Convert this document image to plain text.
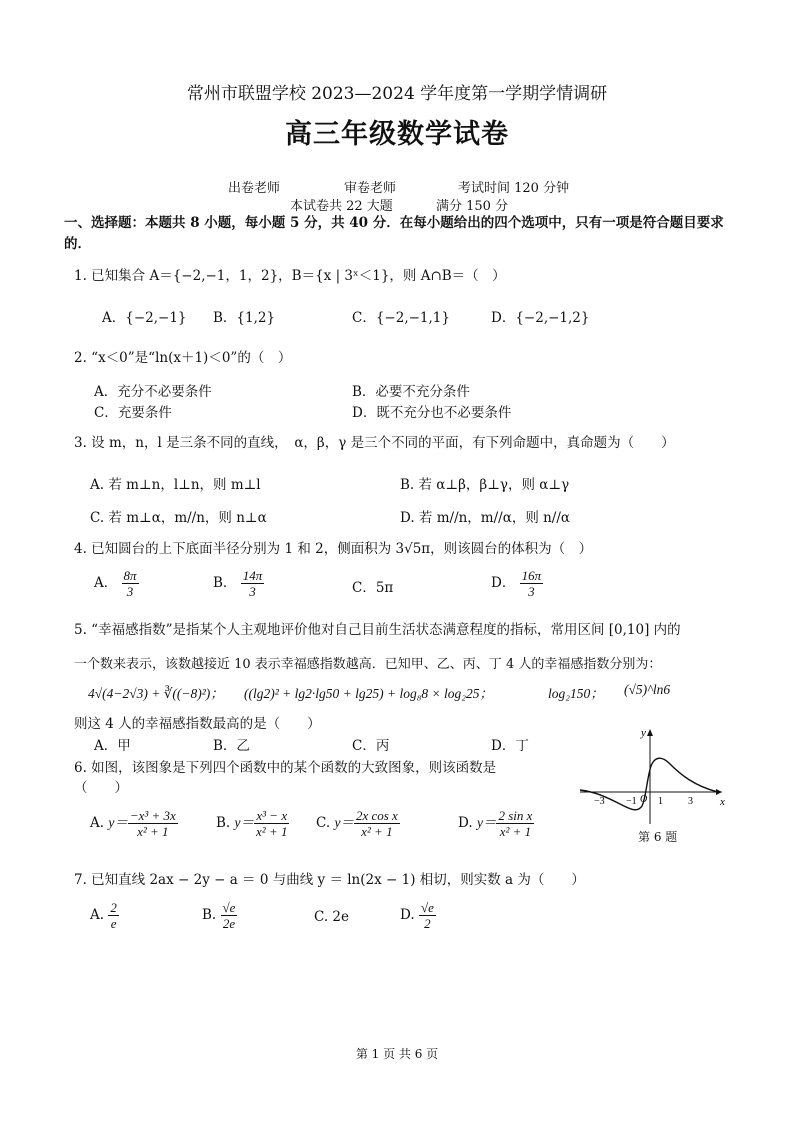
常州市联盟学校 2023—2024 学年度第一学期学情调研
高三年级数学试卷
出卷老师	审卷老师	考试时间 120 分钟
本试卷共 22 大题	满分 150 分
一、选择题：本题共 8 小题，每小题 5 分，共 40 分．在每小题给出的四个选项中，只有一项是符合题目要求的．
1. 已知集合 A＝{−2,−1，1，2}，B＝{x | 3ˣ＜1}，则 A∩B＝（　）
A．{−2,−1} B．{1,2}	C．{−2,−1,1}	D．{−2,−1,2}
2. “x＜0”是“ln(x＋1)＜0”的（　）
A．充分不必要条件	B．必要不充分条件
C．充要条件	D．既不充分也不必要条件
3. 设 m，n，l 是三条不同的直线，　α，β，γ 是三个不同的平面，有下列命题中，真命题为（　　）
A. 若 m⊥n，l⊥n，则 m⊥l	B. 若 α⊥β，β⊥γ，则 α⊥γ
C. 若 m⊥α，m//n，则 n⊥α	D. 若 m//n，m//α，则 n//α
4. 已知圆台的上下底面半径分别为 1 和 2，侧面积为 3√5π，则该圆台的体积为（　）
A． $\frac{8\pi}{3}$	B． $\frac{14\pi}{3}$	C．5π	D． $\frac{16\pi}{3}$
5. “幸福感指数”是指某个人主观地评价他对自己目前生活状态满意程度的指标，常用区间 [0,10] 内的
一个数来表示，该数越接近 10 表示幸福感指数越高．已知甲、乙、丙、丁 4 人的幸福感指数分别为：
4√(4−2√3) + ∛((−8)²)； ((lg2)² + lg2·lg50 + lg25) + log₈8 × log₂25；	log₂150； (√5)^ln6
则这 4 人的幸福感指数最高的是（　　）
A．甲	B．乙	C．丙	D．丁
6. 如图，该图象是下列四个函数中的某个函数的大致图象，则该函数是
（　　）
A. $y= \frac{\text{−x³ + 3x}}{\text{x² + 1}}$	B. $y= \frac{\text{x³ − x}}{\text{x² + 1}} C$. $y= \frac{\text{2x cos x}}{\text{x² + 1}}$	D. $y= \frac{\text{2 sin x}}{\text{x² + 1}}$
y
x
O
−3 −1 1	3
第 6 题
7. 已知直线 2ax − 2y − a ＝ 0 与曲线 y ＝ ln(2x − 1) 相切，则实数 a 为（　　）
A. $\frac{2}{e}$	B. $\frac{√e}{2e}$	C. 2e	D. $\frac{√e}{2}$
第 1 页 共 6 页
